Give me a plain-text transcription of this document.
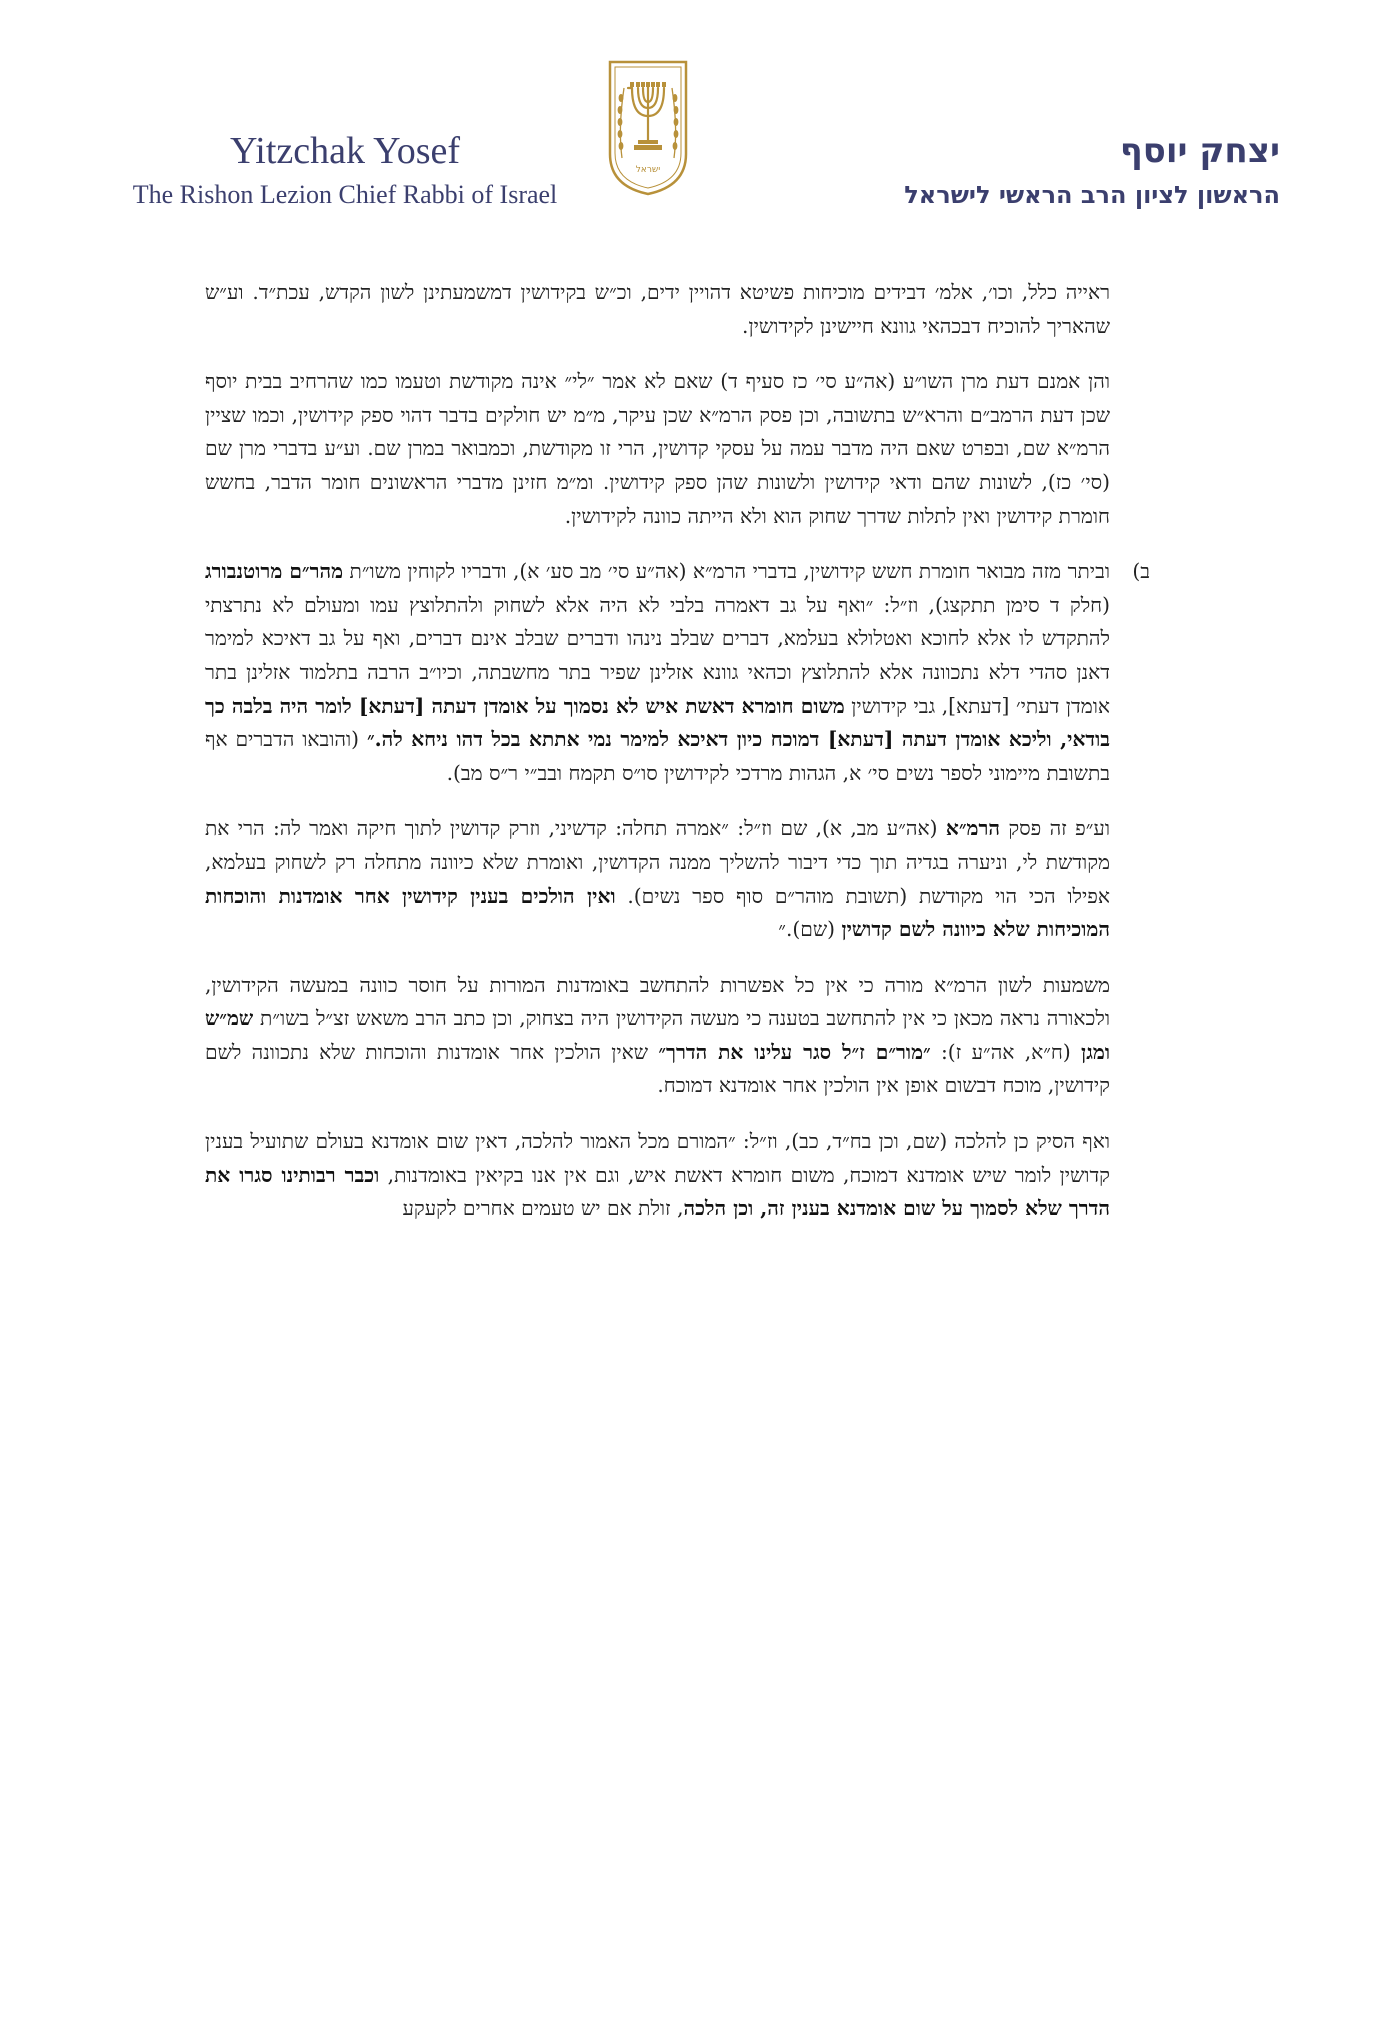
Yitzchak Yosef
The Rishon Lezion Chief Rabbi of Israel
ישראל	יצחק יוסף
הראשון לציון הרב הראשי לישראל

ראייה כלל, וכו׳, אלמ׳ דבידים מוכיחות פשיטא דהויין ידים, וכ״ש בקידושין דמשמעתינן לשון הקדש, עכת״ד. וע״ש שהאריך להוכיח דבכהאי גוונא חיישינן לקידושין.

והן אמנם דעת מרן השו״ע (אה״ע סי׳ כז סעיף ד) שאם לא אמר ״לי״ אינה מקודשת וטעמו כמו שהרחיב בבית יוסף שכן דעת הרמב״ם והרא״ש בתשובה, וכן פסק הרמ״א שכן עיקר, מ״מ יש חולקים בדבר דהוי ספק קידושין, וכמו שציין הרמ״א שם, ובפרט שאם היה מדבר עמה על עסקי קדושין, הרי זו מקודשת, וכמבואר במרן שם. וע״ע בדברי מרן שם (סי׳ כז), לשונות שהם ודאי קידושין ולשונות שהן ספק קידושין. ומ״מ חזינן מדברי הראשונים חומר הדבר, בחשש חומרת קידושין ואין לתלות שדרך שחוק הוא ולא הייתה כוונה לקידושין.

ב)
וביתר מזה מבואר חומרת חשש קידושין, בדברי הרמ״א (אה״ע סי׳ מב סע׳ א), ודבריו לקוחין משו״ת מהר״ם מרוטנבורג (חלק ד סימן תתקצג), וז״ל: ״ואף על גב דאמרה בלבי לא היה אלא לשחוק ולהתלוצץ עמו ומעולם לא נתרצתי להתקדש לו אלא לחוכא ואטלולא בעלמא, דברים שבלב נינהו ודברים שבלב אינם דברים, ואף על גב דאיכא למימר דאנן סהדי דלא נתכוונה אלא להתלוצץ וכהאי גוונא אזלינן שפיר בתר מחשבתה, וכיו״ב הרבה בתלמוד אזלינן בתר אומדן דעתי׳ [דעתא], גבי קידושין משום חומרא דאשת איש לא נסמוך על אומדן דעתה [דעתא] לומר היה בלבה כך בודאי, וליכא אומדן דעתה [דעתא] דמוכח כיון דאיכא למימר נמי אתתא בכל דהו ניחא לה.״ (והובאו הדברים אף בתשובת מיימוני לספר נשים סי׳ א, הגהות מרדכי לקידושין סו״ס תקמח ובב״י ר״ס מב).

וע״פ זה פסק הרמ״א (אה״ע מב, א), שם וז״ל: ״אמרה תחלה: קדשיני, וזרק קדושין לתוך חיקה ואמר לה: הרי את מקודשת לי, וניערה בגדיה תוך כדי דיבור להשליך ממנה הקדושין, ואומרת שלא כיוונה מתחלה רק לשחוק בעלמא, אפילו הכי הוי מקודשת (תשובת מוהר״ם סוף ספר נשים). ואין הולכים בענין קידושין אחר אומדנות והוכחות המוכיחות שלא כיוונה לשם קדושין (שם).״

משמעות לשון הרמ״א מורה כי אין כל אפשרות להתחשב באומדנות המורות על חוסר כוונה במעשה הקידושין, ולכאורה נראה מכאן כי אין להתחשב בטענה כי מעשה הקידושין היה בצחוק, וכן כתב הרב משאש זצ״ל בשו״ת שמ״ש ומגן (ח״א, אה״ע ז): ״מור״ם ז״ל סגר עלינו את הדרך״ שאין הולכין אחר אומדנות והוכחות שלא נתכוונה לשם קידושין, מוכח דבשום אופן אין הולכין אחר אומדנא דמוכח.

ואף הסיק כן להלכה (שם, וכן בח״ד, כב), וז״ל: ״המורם מכל האמור להלכה, דאין שום אומדנא בעולם שתועיל בענין קדושין לומר שיש אומדנא דמוכח, משום חומרא דאשת איש, וגם אין אנו בקיאין באומדנות, וכבר רבותינו סגרו את הדרך שלא לסמוך על שום אומדנא בענין זה, וכן הלכה, זולת אם יש טעמים אחרים לקעקע
